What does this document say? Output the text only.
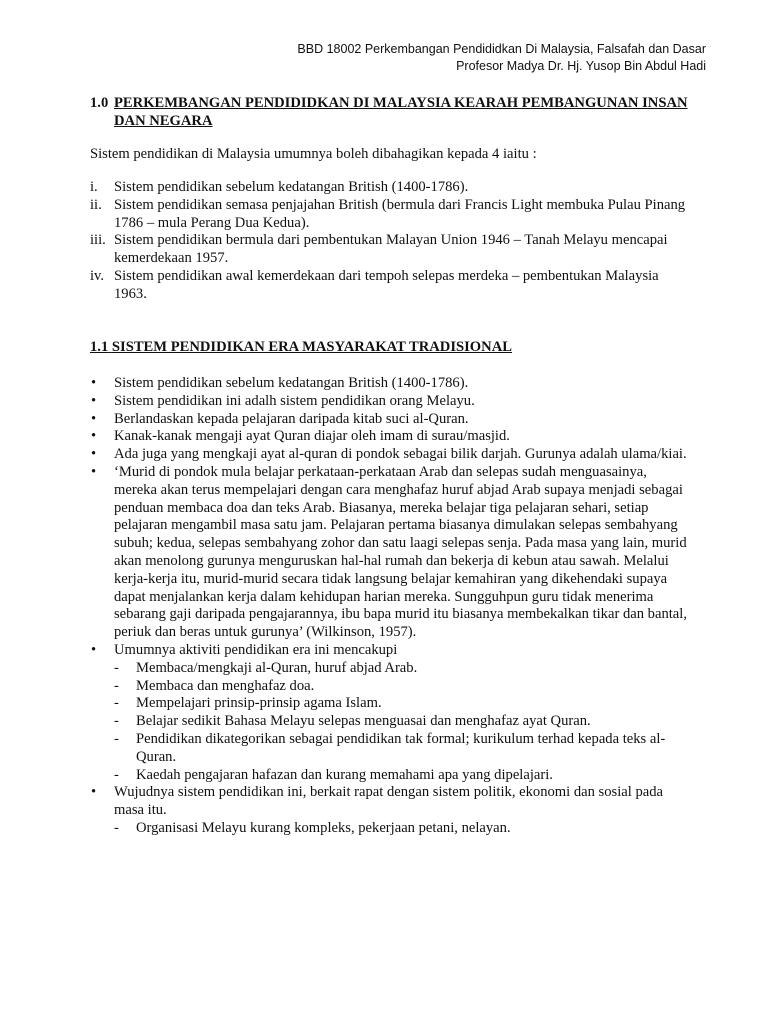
BBD 18002 Perkembangan Pendididkan Di Malaysia, Falsafah dan Dasar
Profesor Madya Dr. Hj. Yusop Bin Abdul Hadi
1.0 PERKEMBANGAN PENDIDIDKAN DI MALAYSIA KEARAH PEMBANGUNAN INSAN
DAN NEGARA
Sistem pendidikan di Malaysia umumnya boleh dibahagikan kepada 4 iaitu :
i. Sistem pendidikan sebelum kedatangan British (1400-1786).
ii. Sistem pendidikan semasa penjajahan British (bermula dari Francis Light membuka Pulau Pinang 1786 – mula Perang Dua Kedua).
iii. Sistem pendidikan bermula dari pembentukan Malayan Union 1946 – Tanah Melayu mencapai kemerdekaan 1957.
iv. Sistem pendidikan awal kemerdekaan dari tempoh selepas merdeka – pembentukan Malaysia 1963.
1.1 SISTEM PENDIDIKAN ERA MASYARAKAT TRADISIONAL
• Sistem pendidikan sebelum kedatangan British (1400-1786).
• Sistem pendidikan ini adalh sistem pendidikan orang Melayu.
• Berlandaskan kepada pelajaran daripada kitab suci al-Quran.
• Kanak-kanak mengaji ayat Quran diajar oleh imam di surau/masjid.
• Ada juga yang mengkaji ayat al-quran di pondok sebagai bilik darjah. Gurunya adalah ulama/kiai.
• ‘Murid di pondok mula belajar perkataan-perkataan Arab dan selepas sudah menguasainya, mereka akan terus mempelajari dengan cara menghafaz huruf abjad Arab supaya menjadi sebagai penduan membaca doa dan teks Arab. Biasanya, mereka belajar tiga pelajaran sehari, setiap pelajaran mengambil masa satu jam. Pelajaran pertama biasanya dimulakan selepas sembahyang subuh; kedua, selepas sembahyang zohor dan satu laagi selepas senja. Pada masa yang lain, murid akan menolong gurunya menguruskan hal-hal rumah dan bekerja di kebun atau sawah. Melalui kerja-kerja itu, murid-murid secara tidak langsung belajar kemahiran yang dikehendaki supaya dapat menjalankan kerja dalam kehidupan harian mereka. Sungguhpun guru tidak menerima sebarang gaji daripada pengajarannya, ibu bapa murid itu biasanya membekalkan tikar dan bantal, periuk dan beras untuk gurunya’ (Wilkinson, 1957).
• Umumnya aktiviti pendidikan era ini mencakupi
- Membaca/mengkaji al-Quran, huruf abjad Arab.
- Membaca dan menghafaz doa.
- Mempelajari prinsip-prinsip agama Islam.
- Belajar sedikit Bahasa Melayu selepas menguasai dan menghafaz ayat Quran.
- Pendidikan dikategorikan sebagai pendidikan tak formal; kurikulum terhad kepada teks al-Quran.
- Kaedah pengajaran hafazan dan kurang memahami apa yang dipelajari.
• Wujudnya sistem pendidikan ini, berkait rapat dengan sistem politik, ekonomi dan sosial pada masa itu.
- Organisasi Melayu kurang kompleks, pekerjaan petani, nelayan.
